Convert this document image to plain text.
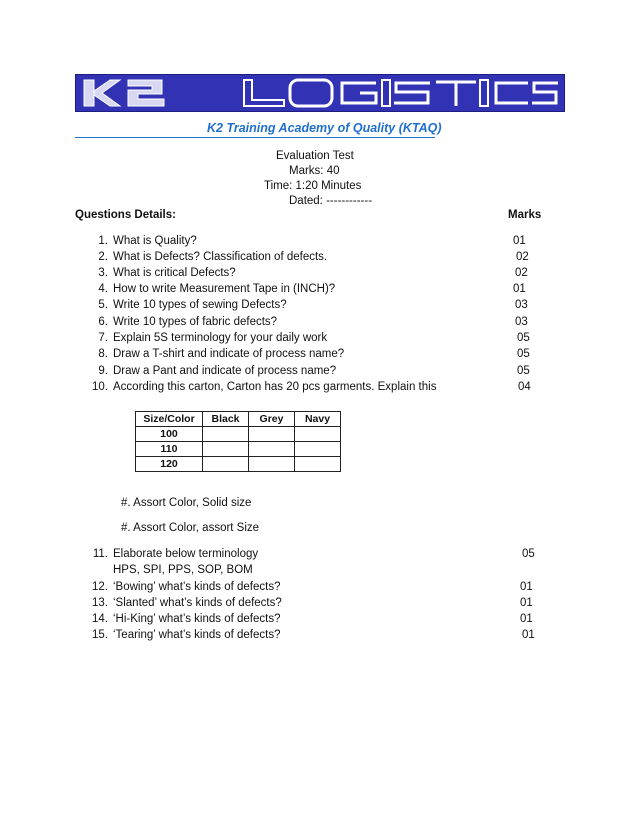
K2 Training Academy of Quality (KTAQ)
Evaluation Test
Marks: 40
Time: 1:20 Minutes
Dated: ------------
Questions Details:	Marks
1. What is Quality?	01
2. What is Defects? Classification of defects.	02
3. What is critical Defects?	02
4. How to write Measurement Tape in (INCH)?	01
5. Write 10 types of sewing Defects?	03
6. Write 10 types of fabric defects?	03
7. Explain 5S terminology for your daily work	05
8. Draw a T-shirt and indicate of process name?	05
9. Draw a Pant and indicate of process name?	05
10. According this carton, Carton has 20 pcs garments. Explain this	04
Size/Color	Black	Grey	Navy
100			
110			
120			
#. Assort Color, Solid size
#. Assort Color, assort Size
11. Elaborate below terminology	05
HPS, SPI, PPS, SOP, BOM
12. ‘Bowing’ what’s kinds of defects?	01
13. ‘Slanted’ what’s kinds of defects?	01
14. ‘Hi-King’ what’s kinds of defects?	01
15. ‘Tearing’ what’s kinds of defects?	01
